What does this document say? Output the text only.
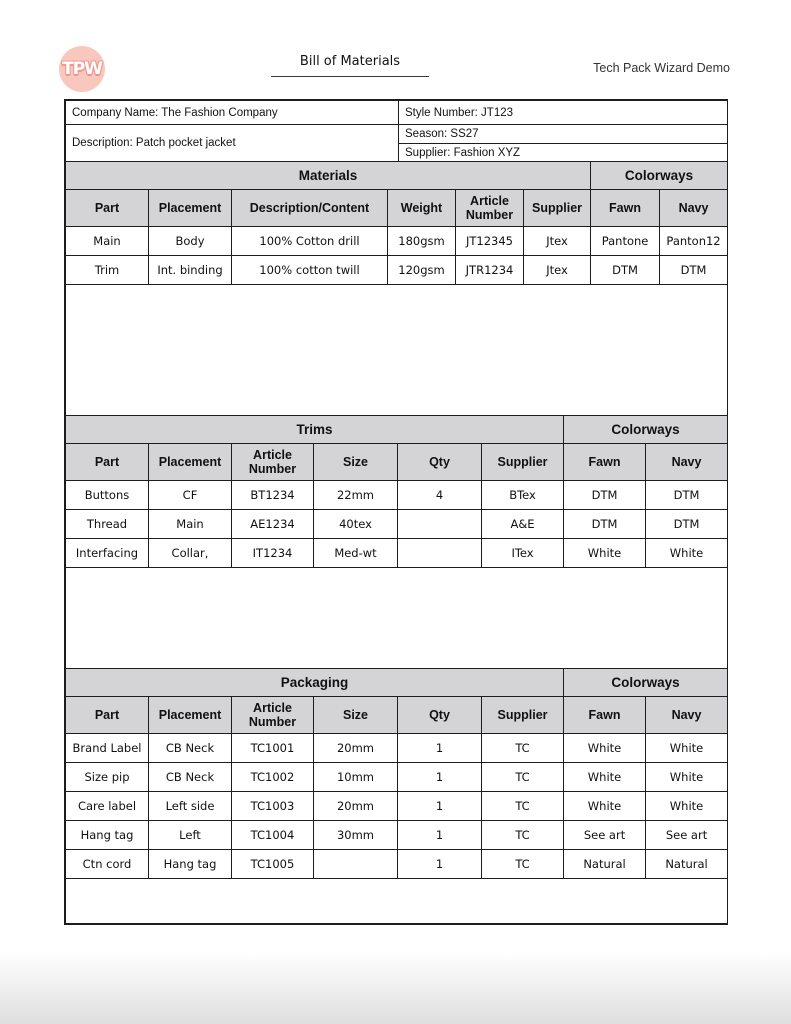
TPW	Bill of Materials	Tech Pack Wizard Demo
Company Name: The Fashion Company	Style Number: JT123
Description: Patch pocket jacket	Season: SS27
	Supplier: Fashion XYZ
Materials						Colorways	
Part	Placement	Description/Content	Weight	Article Number	Supplier	Fawn	Navy
Main	Body	100% Cotton drill	180gsm	JT12345	Jtex	Pantone	Panton12
Trim	Int. binding	100% cotton twill	120gsm	JTR1234	Jtex	DTM	DTM

Trims						Colorways	
Part	Placement	Article Number	Size	Qty	Supplier	Fawn	Navy
Buttons	CF	BT1234	22mm	4	BTex	DTM	DTM
Thread	Main	AE1234	40tex		A&E	DTM	DTM
Interfacing	Collar,	IT1234	Med-wt		ITex	White	White

Packaging						Colorways	
Part	Placement	Article Number	Size	Qty	Supplier	Fawn	Navy
Brand Label	CB Neck	TC1001	20mm	1	TC	White	White
Size pip	CB Neck	TC1002	10mm	1	TC	White	White
Care label	Left side	TC1003	20mm	1	TC	White	White
Hang tag	Left	TC1004	30mm	1	TC	See art	See art
Ctn cord	Hang tag	TC1005		1	TC	Natural	Natural
